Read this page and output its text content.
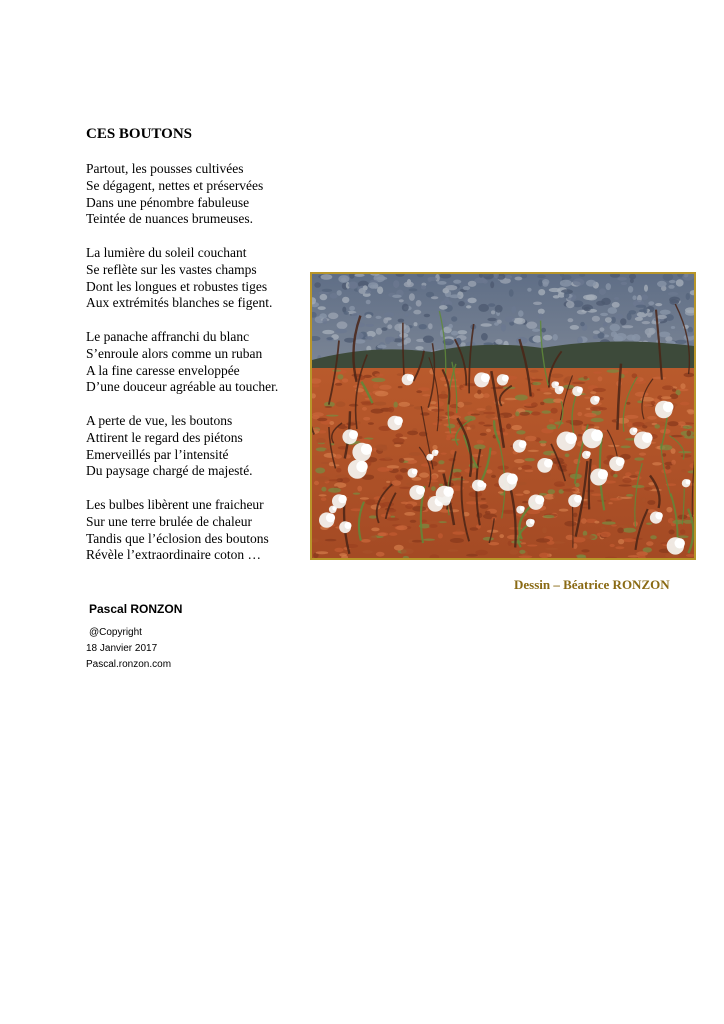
CES BOUTONS
Partout, les pousses cultivées
Se dégagent, nettes et préservées
Dans une pénombre fabuleuse
Teintée de nuances brumeuses.
La lumière du soleil couchant
Se reflète sur les vastes champs
Dont les longues et robustes tiges
Aux extrémités blanches se figent.
Le panache affranchi du blanc
S’enroule alors comme un ruban
A la fine caresse enveloppée
D’une douceur agréable au toucher.
A perte de vue, les boutons
Attirent le regard des piétons
Emerveillés par l’intensité
Du paysage chargé de majesté.
Les bulbes libèrent une fraicheur
Sur une terre brulée de chaleur
Tandis que l’éclosion des boutons
Révèle l’extraordinaire coton …
Dessin – Béatrice RONZON
Pascal RONZON
@Copyright
18 Janvier 2017
Pascal.ronzon.com
